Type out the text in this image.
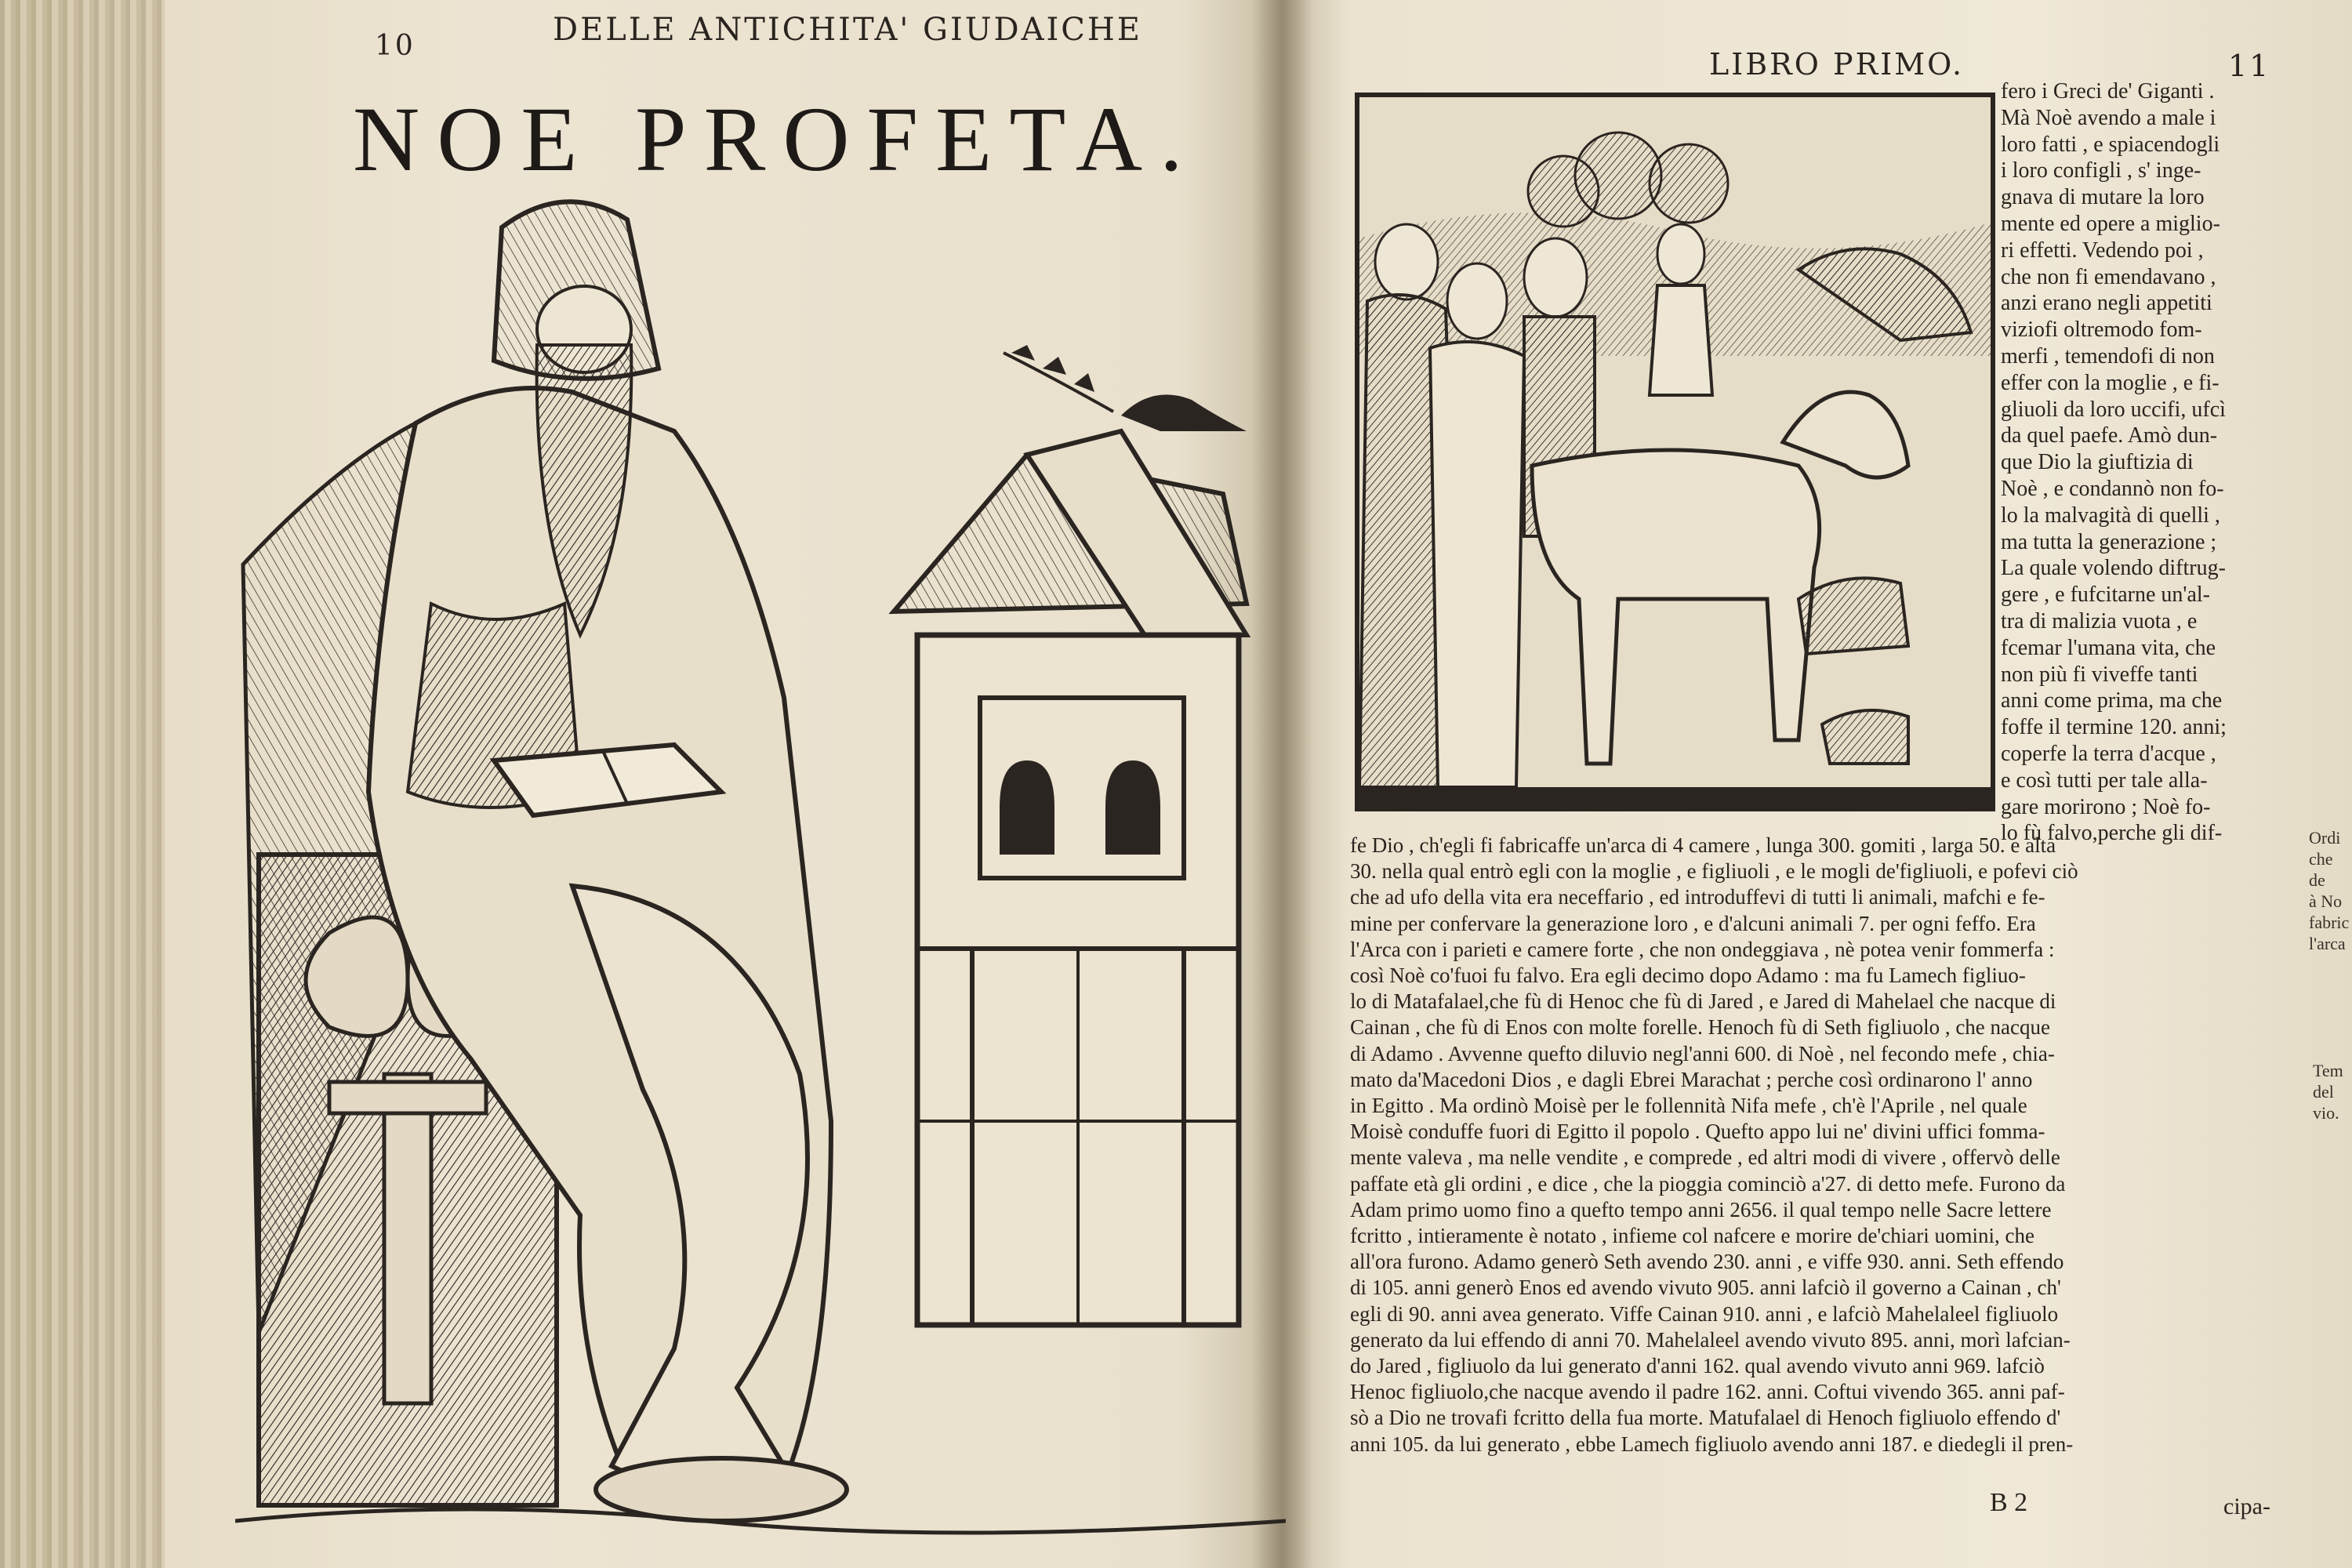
10	DELLE ANTICHITA' GIUDAICHE
NOE PROFETA.
LIBRO PRIMO.	11

fero i Greci de' Giganti .

Mà Noè avendo a male i

loro fatti , e spiacendogli

i loro configli , s' inge-

gnava di mutare la loro

mente ed opere a miglio-

ri effetti. Vedendo poi ,

che non fi emendavano ,

anzi erano negli appetiti

viziofi oltremodo fom-

merfi , temendofi di non

effer con la moglie , e fi-

gliuoli da loro uccifi, ufcì

da quel paefe. Amò dun-

que Dio la giuftizia di

Noè , e condannò non fo-

lo la malvagità di quelli ,

ma tutta la generazione ;

La quale volendo diftrug-

gere , e fufcitarne un'al-

tra di malizia vuota , e

fcemar l'umana vita, che

non più fi viveffe tanti

anni come prima, ma che

foffe il termine 120. anni;

coperfe la terra d'acque ,

e così tutti per tale alla-

gare morirono ; Noè fo-

lo fù falvo,perche gli dif-

fe Dio , ch'egli fi fabricaffe un'arca di 4 camere , lunga 300. gomiti , larga 50. e alta

30. nella qual entrò egli con la moglie , e figliuoli , e le mogli de'figliuoli, e pofevi ciò

che ad ufo della vita era neceffario , ed introduffevi di tutti li animali, mafchi e fe-

mine per confervare la generazione loro , e d'alcuni animali 7. per ogni feffo. Era

l'Arca con i parieti e camere forte , che non ondeggiava , nè potea venir fommerfa :

così Noè co'fuoi fu falvo. Era egli decimo dopo Adamo : ma fu Lamech figliuo-

lo di Matafalael,che fù di Henoc che fù di Jared , e Jared di Mahelael che nacque di

Cainan , che fù di Enos con molte forelle. Henoch fù di Seth figliuolo , che nacque

di Adamo . Avvenne quefto diluvio negl'anni 600. di Noè , nel fecondo mefe , chia-

mato da'Macedoni Dios , e dagli Ebrei Marachat ; perche così ordinarono l' anno

in Egitto . Ma ordinò Moisè per le follennità Nifa mefe , ch'è l'Aprile , nel quale

Moisè conduffe fuori di Egitto il popolo . Quefto appo lui ne' divini uffici fomma-

mente valeva , ma nelle vendite , e comprede , ed altri modi di vivere , offervò delle

paffate età gli ordini , e dice , che la pioggia cominciò a'27. di detto mefe. Furono da

Adam primo uomo fino a quefto tempo anni 2656. il qual tempo nelle Sacre lettere

fcritto , intieramente è notato , infieme col nafcere e morire de'chiari uomini, che

all'ora furono. Adamo generò Seth avendo 230. anni , e viffe 930. anni. Seth effendo

di 105. anni generò Enos ed avendo vivuto 905. anni lafciò il governo a Cainan , ch'

egli di 90. anni avea generato. Viffe Cainan 910. anni , e lafciò Mahelaleel figliuolo

generato da lui effendo di anni 70. Mahelaleel avendo vivuto 895. anni, morì lafcian-

do Jared , figliuolo da lui generato d'anni 162. qual avendo vivuto anni 969. lafciò

Henoc figliuolo,che nacque avendo il padre 162. anni. Coftui vivendo 365. anni paf-

sò a Dio ne trovafi fcritto della fua morte. Matufalael di Henoch figliuolo effendo d'

anni 105. da lui generato , ebbe Lamech figliuolo avendo anni 187. e diedegli il pren-

B 2	cipa-
Ordi
che
de
à No
fabric
l'arca
Tem
del
vio.
